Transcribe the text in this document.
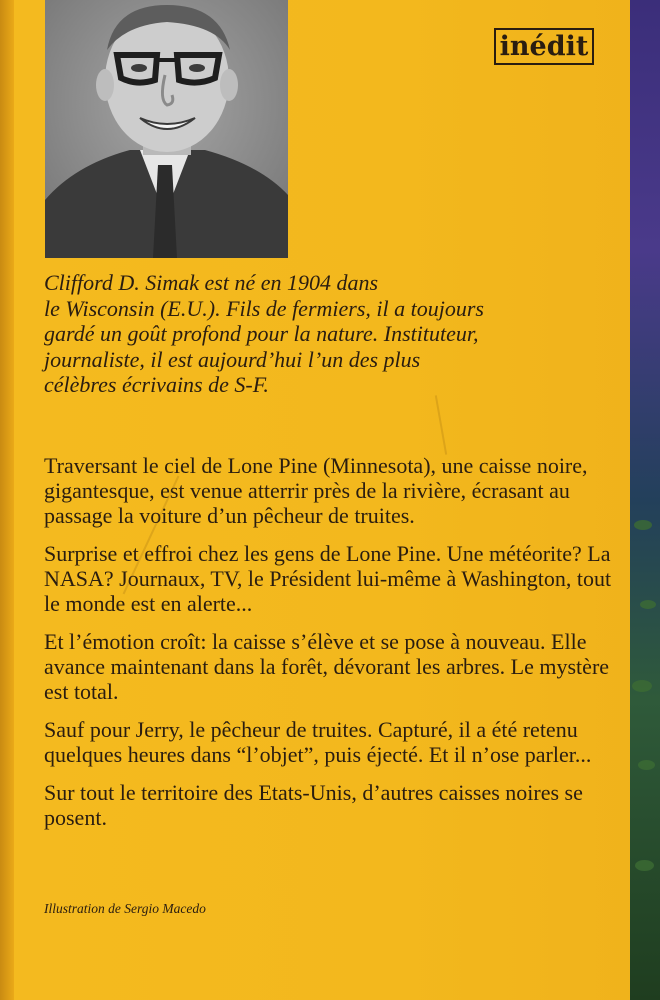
inédit
Clifford D. Simak est né en 1904 dans
le Wisconsin (E.U.). Fils de fermiers, il a toujours
gardé un goût profond pour la nature. Instituteur,
journaliste, il est aujourd’hui l’un des plus
célèbres écrivains de S-F.

Traversant le ciel de Lone Pine (Minnesota), une caisse noire, gigantesque, est venue atterrir près de la rivière, écrasant au passage la voiture d’un pêcheur de truites.

Surprise et effroi chez les gens de Lone Pine. Une météorite? La NASA? Journaux, TV, le Président lui-même à Washington, tout le monde est en alerte...

Et l’émotion croît: la caisse s’élève et se pose à nouveau. Elle avance maintenant dans la forêt, dévorant les arbres. Le mystère est total.

Sauf pour Jerry, le pêcheur de truites. Capturé, il a été retenu quelques heures dans “l’objet”, puis éjecté. Et il n’ose parler...

Sur tout le territoire des Etats-Unis, d’autres caisses noires se posent.

Illustration de Sergio Macedo
